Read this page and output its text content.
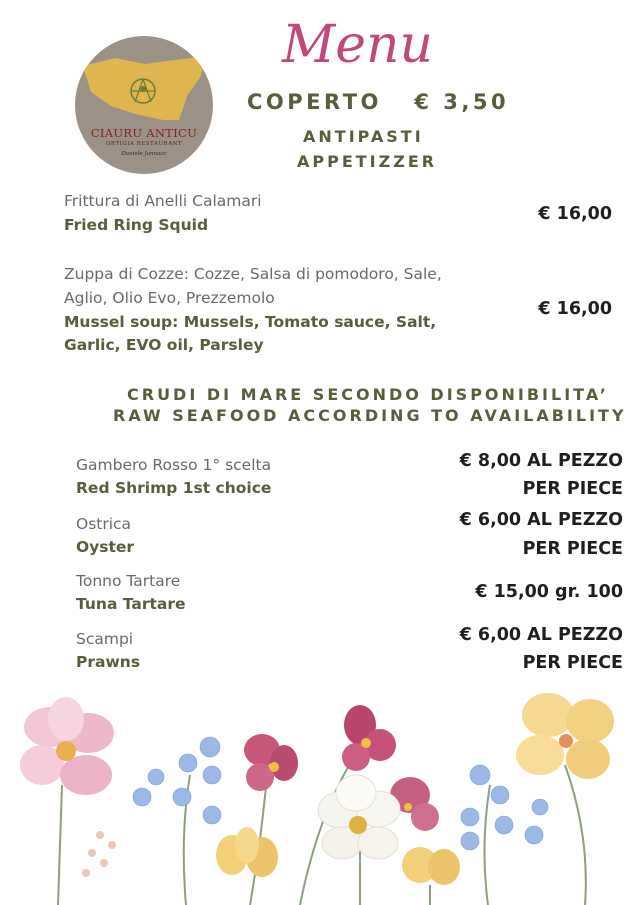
CIAURU ANTICU
ORTIGIA RESTAURANT
Daniele Jannacc
Menu
COPERTO € 3,50
ANTIPASTI
APPETIZZER
Frittura di Anelli Calamari
Fried Ring Squid
€ 16,00
Zuppa di Cozze: Cozze, Salsa di pomodoro, Sale,
Aglio, Olio Evo, Prezzemolo
Mussel soup: Mussels, Tomato sauce, Salt,
Garlic, EVO oil, Parsley
€ 16,00
CRUDI DI MARE SECONDO DISPONIBILITA’
RAW SEAFOOD ACCORDING TO AVAILABILITY
Gambero Rosso 1° scelta
Red Shrimp 1st choice
€ 8,00 AL PEZZO
PER PIECE
Ostrica
Oyster
€ 6,00 AL PEZZO
PER PIECE
Tonno Tartare
Tuna Tartare
€ 15,00 gr. 100
Scampi
Prawns
€ 6,00 AL PEZZO
PER PIECE
